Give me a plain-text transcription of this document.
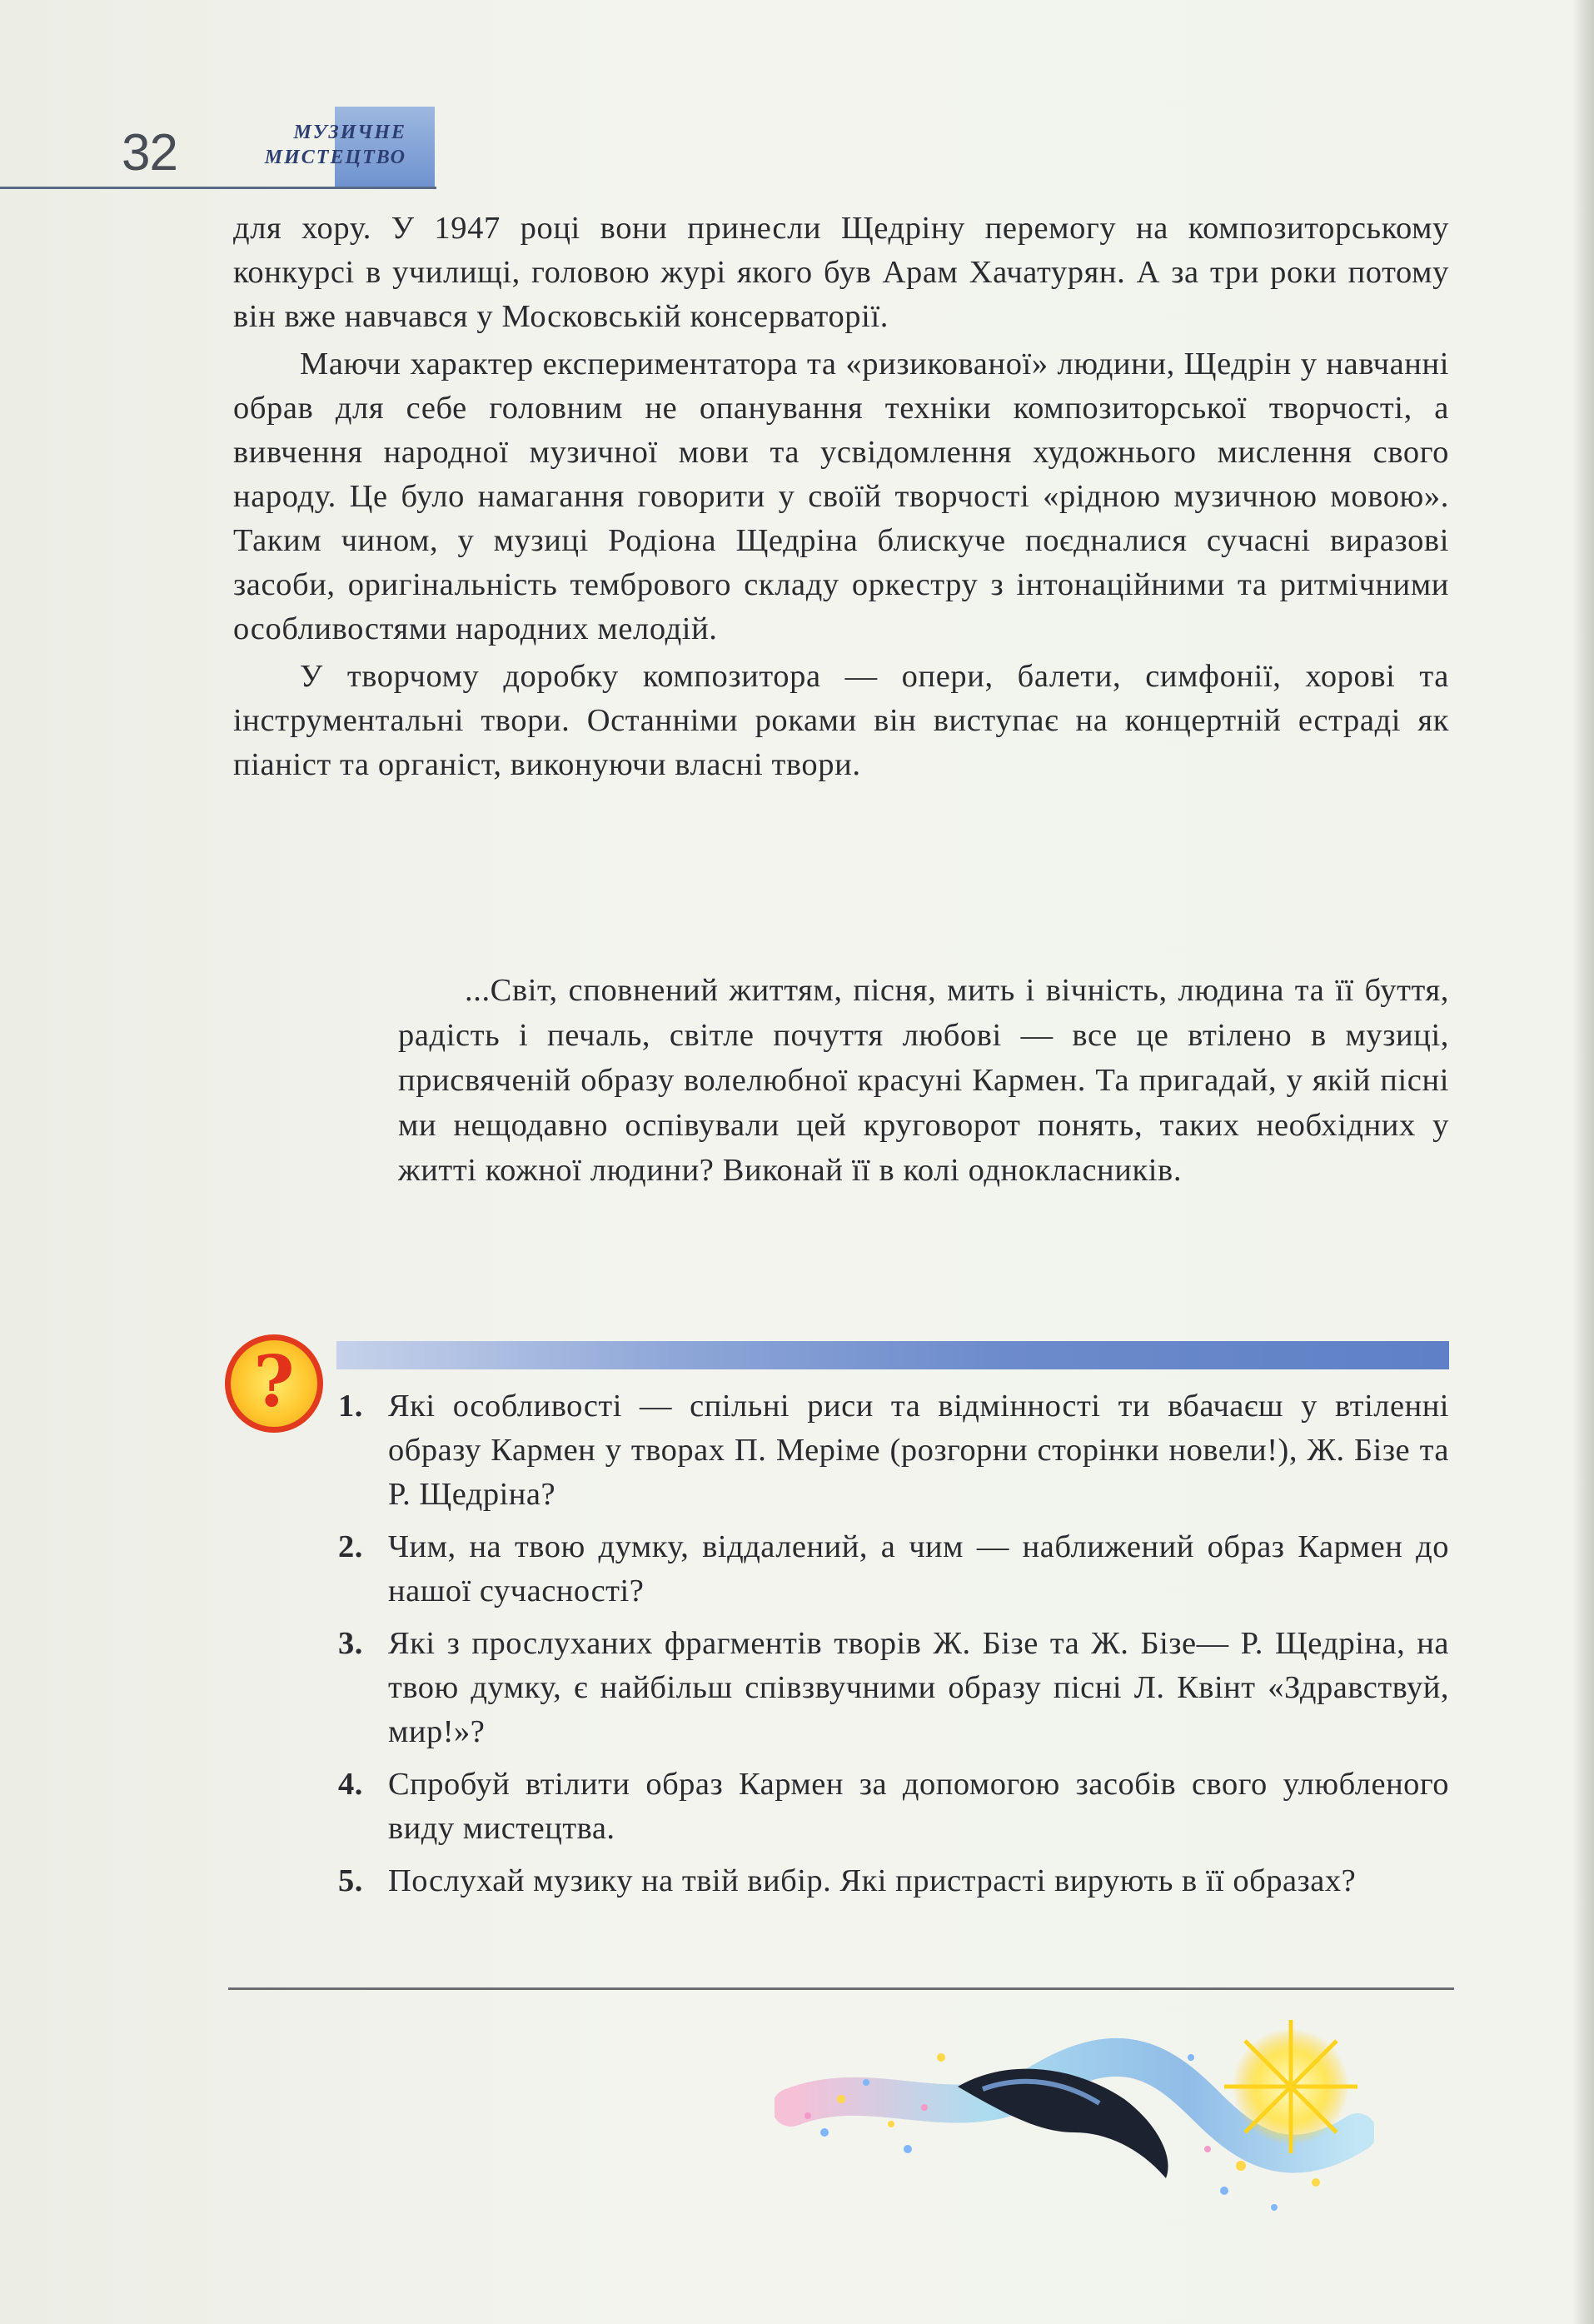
32	МУЗИЧНЕ
МИСТЕЦТВО

для хору. У 1947 році вони принесли Щедріну перемогу на композиторському конкурсі в училищі, головою журі якого був Арам Хачатурян. А за три роки потому він вже навчався у Московській консерваторії.

Маючи характер експериментатора та «ризикованої» людини, Щедрін у навчанні обрав для себе головним не опанування техніки композиторської творчості, а вивчення народної музичної мови та усвідомлення художнього мислення свого народу. Це було намагання говорити у своїй творчості «рідною музичною мовою». Таким чином, у музиці Родіона Щедріна блискуче поєдналися сучасні виразові засоби, оригінальність тембрового складу оркестру з інтонаційними та ритмічними особливостями народних мелодій.

У творчому доробку композитора — опери, балети, симфонії, хорові та інструментальні твори. Останніми роками він виступає на концертній естраді як піаніст та органіст, виконуючи власні твори.

...Світ, сповнений життям, пісня, мить і вічність, людина та її буття, радість і печаль, світле почуття любові — все це втілено в музиці, присвяченій образу волелюбної красуні Кармен. Та пригадай, у якій пісні ми нещодавно оспівували цей круговорот понять, таких необхідних у житті кожної людини? Виконай її в колі однокласників.
? 1. Які особливості — спільні риси та відмінності ти вбачаєш у втіленні образу Кармен у творах П. Меріме (розгорни сторінки новели!), Ж. Бізе та Р. Щедріна?
2. Чим, на твою думку, віддалений, а чим — наближений образ Кармен до нашої сучасності?
3. Які з прослуханих фрагментів творів Ж. Бізе та Ж. Бізе— Р. Щедріна, на твою думку, є найбільш співзвучними образу пісні Л. Квінт «Здравствуй, мир!»?
4. Спробуй втілити образ Кармен за допомогою засобів свого улюбленого виду мистецтва.
5. Послухай музику на твій вибір. Які пристрасті вирують в її образах?
